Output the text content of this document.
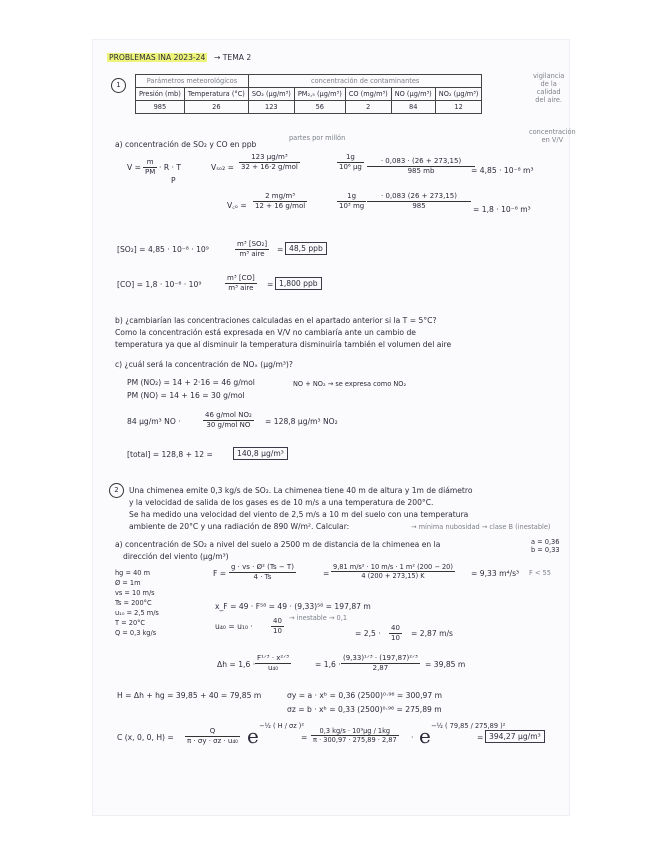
PROBLEMAS INA 2023-24 → TEMA 2
1	Parámetros meteorológicos		concentración de contaminantes				
Presión (mb)	Temperatura (°C)	SO₂ (μg/m³)	PM₂,₅ (μg/m³)	CO (mg/m³)	NO (μg/m³)	NO₂ (μg/m³)
985	26	123	56	2	84	12
vigilancia
de la
calidad
del aire.
concentración
en V/V
a) concentración de SO₂ y CO en ppb
partes por millón
$V = \frac{m}{PM} \cdot R \cdot T$
P
Vₛₒ₂ =
123 μg/m³
32 + 16·2 g/mol	$\frac{1g}{\text{10⁶ μg}} \frac{\cdot 0,083 \cdot (26 + 273,15)}{985 mb}$
= 4,85 · 10⁻⁸ m³
V꜀ₒ =
2 mg/m³
12 + 16 g/mol	$\frac{1g}{\text{10³ mg}} \frac{\cdot 0,083 (26 + 273,15)}{985} = 1,8 \cdot 10^{-6}$ m³
[SO₂] = 4,85 · 10⁻⁸ · 10⁹
m³ [SO₂]
m³ aire	= 48,5 ppb
[CO] = 1,8 · 10⁻⁶ · 10⁹
m³ [CO]
m³ aire	= 1,800 ppb
b) ¿cambiarían las concentraciones calculadas en el apartado anterior si la T = 5°C?
Como la concentración está expresada en V/V no cambiaría ante un cambio de
temperatura ya que al disminuir la temperatura disminuiría también el volumen del aire
c) ¿cuál será la concentración de NOₓ (μg/m³)?
PM (NO₂) = 14 + 2·16 = 46 g/mol
PM (NO) = 14 + 16 = 30 g/mol
NO + NO₂ → se expresa como NO₂
84 μg/m³ NO ·
46 g/mol NO₂
30 g/mol NO	= 128,8 μg/m³ NO₂
[total] = 128,8 + 12 =	140,8 μg/m³
2	Una chimenea emite 0,3 kg/s de SO₂. La chimenea tiene 40 m de altura y 1m de diámetro
y la velocidad de salida de los gases es de 10 m/s a una temperatura de 200°C.
Se ha medido una velocidad del viento de 2,5 m/s a 10 m del suelo con una temperatura
ambiente de 20°C y una radiación de 890 W/m². Calcular:	→ mínima nubosidad → clase B (inestable)
a = 0,36
b = 0,33
a) concentración de SO₂ a nivel del suelo a 2500 m de distancia de la chimenea en la
dirección del viento (μg/m³)
hg = 40 m
Ø = 1m
vs = 10 m/s
Ts = 200°C
u₁₀ = 2,5 m/s
T = 20°C
Q = 0,3 kg/s
$F = \frac{\text{g · vs · Ø² (Ts − T)}}{4 \cdot Ts}$	= $\frac{\text{9,81 m/s² · 10 m/s · 1 m² (200 − 20)}}{4 (200 + 273,15) K} = 9,33$ m⁴/s³ F < 55
x_F = 49 · F⁵⁸ = 49 · (9,33)⁵⁸ = 197,87 m
u₄₀ = u₁₀ ·	$\frac{40}{10}$ → inestable → 0,1
= $2,5 \cdot \frac{40}{10} = 2,87$ m/s
Δh = 1,6 ·
F¹ᐟ³ · x²ᐟ³
u₄₀	= 1,6 ·
(9,33)¹ᐟ³ · (197,87)²ᐟ³
2,87	= 39,85 m
H = Δh + hg = 39,85 + 40 = 79,85 m	σy = a · xᵇ = 0,36 (2500)⁰·⁹⁶ = 300,97 m
σz = b · xᵇ = 0,33 (2500)⁰·⁹⁶ = 275,89 m
C (x, 0, 0, $H) = \frac{Q}{\text{π · σy · σz · u₄₀}}$ e −½ ( H / σz )²
= $\frac{\text{0,3 kg/s · 10⁹μg / 1kg}}{\pi \cdot 300,97 \cdot 275,89 \cdot 2,87} \cdot e$ −½ ( 79,85 / 275,89 )²
= 394,27 μg/m³
